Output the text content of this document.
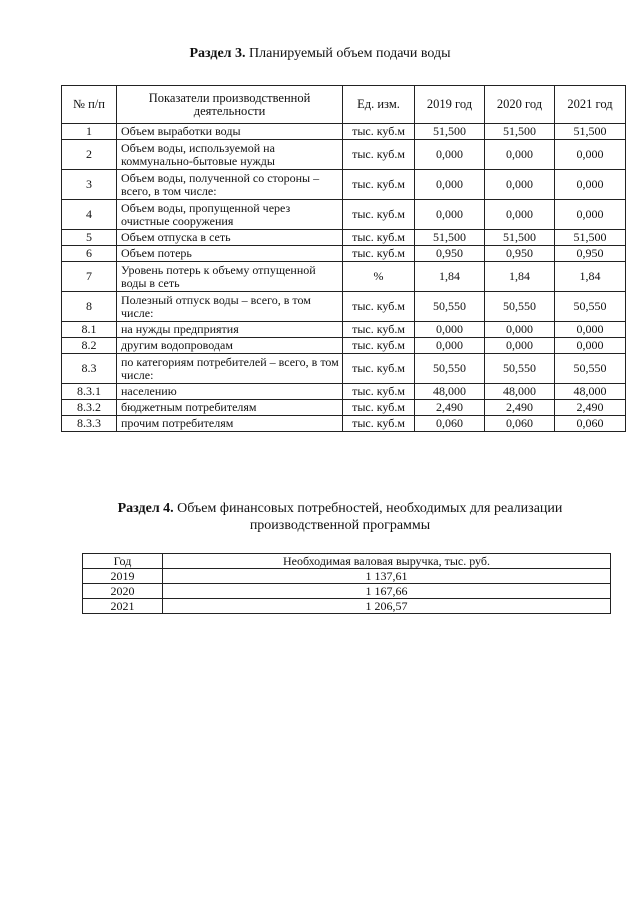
Раздел 3. Планируемый объем подачи воды
№ п/п	Показатели производственной деятельности	Ед. изм.	2019 год	2020 год	2021 год
1	Объем выработки воды	тыс. куб.м	51,500	51,500	51,500
2	Объем воды, используемой на коммунально-бытовые нужды	тыс. куб.м	0,000	0,000	0,000
3	Объем воды, полученной со стороны – всего, в том числе:	тыс. куб.м	0,000	0,000	0,000
4	Объем воды, пропущенной через очистные сооружения	тыс. куб.м	0,000	0,000	0,000
5	Объем отпуска в сеть	тыс. куб.м	51,500	51,500	51,500
6	Объем потерь	тыс. куб.м	0,950	0,950	0,950
7	Уровень потерь к объему отпущенной воды в сеть	%	1,84	1,84	1,84
8	Полезный отпуск воды – всего, в том числе:	тыс. куб.м	50,550	50,550	50,550
8.1	на нужды предприятия	тыс. куб.м	0,000	0,000	0,000
8.2	другим водопроводам	тыс. куб.м	0,000	0,000	0,000
8.3	по категориям потребителей – всего, в том числе:	тыс. куб.м	50,550	50,550	50,550
8.3.1	населению	тыс. куб.м	48,000	48,000	48,000
8.3.2	бюджетным потребителям	тыс. куб.м	2,490	2,490	2,490
8.3.3	прочим потребителям	тыс. куб.м	0,060	0,060	0,060
Раздел 4. Объем финансовых потребностей, необходимых для реализации производственной программы
Год	Необходимая валовая выручка, тыс. руб.
2019	1 137,61
2020	1 167,66
2021	1 206,57
